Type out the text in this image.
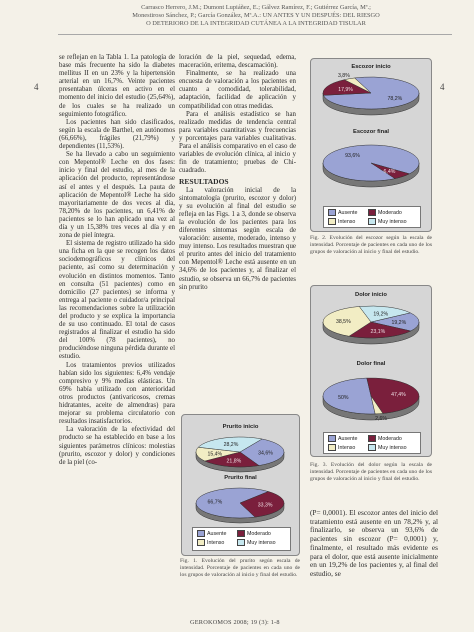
Carrasco Herrero, J.M.; Dumont Lupiáñez, E.; Gálvez Ramírez, F.; Gutiérrez García, Mª.;
Monestiroso Sánchez, P.; García González, Mª.A.: UN ANTES Y UN DESPUÉS: DEL RIESGO
O DETERIORO DE LA INTEGRIDAD CUTÁNEA A LA INTEGRIDAD TISULAR
4	4

se reflejan en la Tabla 1. La patología de base más frecuente ha sido la diabetes mellitus II en un 23% y la hipertensión arterial en un 16,7%. Veinte pacientes presentaban úlceras en activo en el momento del inicio del estudio (25,64%), de los cuales se ha realizado un seguimiento fotográfico.

Los pacientes han sido clasificados, según la escala de Barthel, en autónomos (66,66%), frágiles (21,79%) y dependientes (11,53%).

Se ha llevado a cabo un seguimiento con Mepentol® Leche en dos fases: inicio y final del estudio, al mes de la aplicación del producto, representándose así el antes y el después. La pauta de aplicación de Mepentol® Leche ha sido mayoritariamente de dos veces al día, 78,20% de los pacientes, un 6,41% de pacientes se lo han aplicado una vez al día y un 15,38% tres veces al día y en zona de piel íntegra.

El sistema de registro utilizado ha sido una ficha en la que se recogen los datos sociodemográficos y clínicos del paciente, así como su determinación y evolución en distintos momentos. Tanto en consulta (51 pacientes) como en domicilio (27 pacientes) se informa y entrega al paciente o cuidador/a principal las recomendaciones sobre la utilización del producto y se explica la importancia de su uso continuado. El total de casos registrados al finalizar el estudio ha sido del 100% (78 pacientes), no produciéndose ninguna pérdida durante el estudio.

Los tratamientos previos utilizados habían sido los siguientes: 6,4% vendaje compresivo y 9% medias elásticas. Un 69% había utilizado con anterioridad otros productos (antivaricosos, cremas hidratantes, aceite de almendras) para mejorar su problema circulatorio con resultados insatisfactorios.

La valoración de la efectividad del producto se ha establecido en base a los siguientes parámetros clínicos: molestias (prurito, escozor y dolor) y condiciones de la piel (co-

loración de la piel, sequedad, edema, maceración, eritema, descamación).

Finalmente, se ha realizado una encuesta de valoración a los pacientes en cuanto a comodidad, tolerabilidad, adaptación, facilidad de aplicación y compatibilidad con otras medidas.

Para el análisis estadístico se han realizado medidas de tendencia central para variables cuantitativas y frecuencias y porcentajes para variables cualitativas. Para el análisis comparativo en el caso de variables de evolución clínica, al inicio y fin de tratamiento; pruebas de Chi-cuadrado.

RESULTADOS

La valoración inicial de la sintomatología (prurito, escozor y dolor) y su evolución al final del estudio se refleja en las Figs. 1 a 3, donde se observa la evolución de los pacientes para los diferentes síntomas según escala de valoración: ausente, moderado, intenso y muy intenso. Los resultados muestran que el prurito antes del inicio del tratamiento con Mepentol® Leche está ausente en un 34,6% de los pacientes y, al finalizar el estudio, se observa un 66,7% de pacientes sin prurito

34,6%
21,8%
15,4%
28,2%
66,7%
33,3%
Prurito inicio
Prurito final
Ausente	Moderado
Intenso	Muy intenso
Fig. 1. Evolución del prurito según escala de intensidad. Porcentaje de pacientes en cada uno de los grupos de valoración al inicio y final del estudio.
78,2%
17,9%
3,8%
93,6%
6,4%
Escozor inicio
Escozor final
Ausente	Moderado
Intenso	Muy intenso
Fig. 2. Evolución del escozor según la escala de intensidad. Porcentaje de pacientes en cada uno de los grupos de valoración al inicio y final del estudio.
19,2%
23,1%
38,5%
19,2%
50%	47,4%
2,6%
Dolor inicio
Dolor final
Ausente	Moderado
Intenso	Muy intenso
Fig. 3. Evolución del dolor según la escala de intensidad. Porcentaje de pacientes en cada uno de los grupos de valoración al inicio y final del estudio.

(P= 0,0001). El escozor antes del inicio del tratamiento está ausente en un 78,2% y, al finalizarlo, se observa un 93,6% de pacientes sin escozor (P= 0,0001) y, finalmente, el resultado más evidente es para el dolor, que está ausente inicialmente en un 19,2% de los pacientes y, al final del estudio, se

GEROKOMOS 2008; 19 (3): 1-8
